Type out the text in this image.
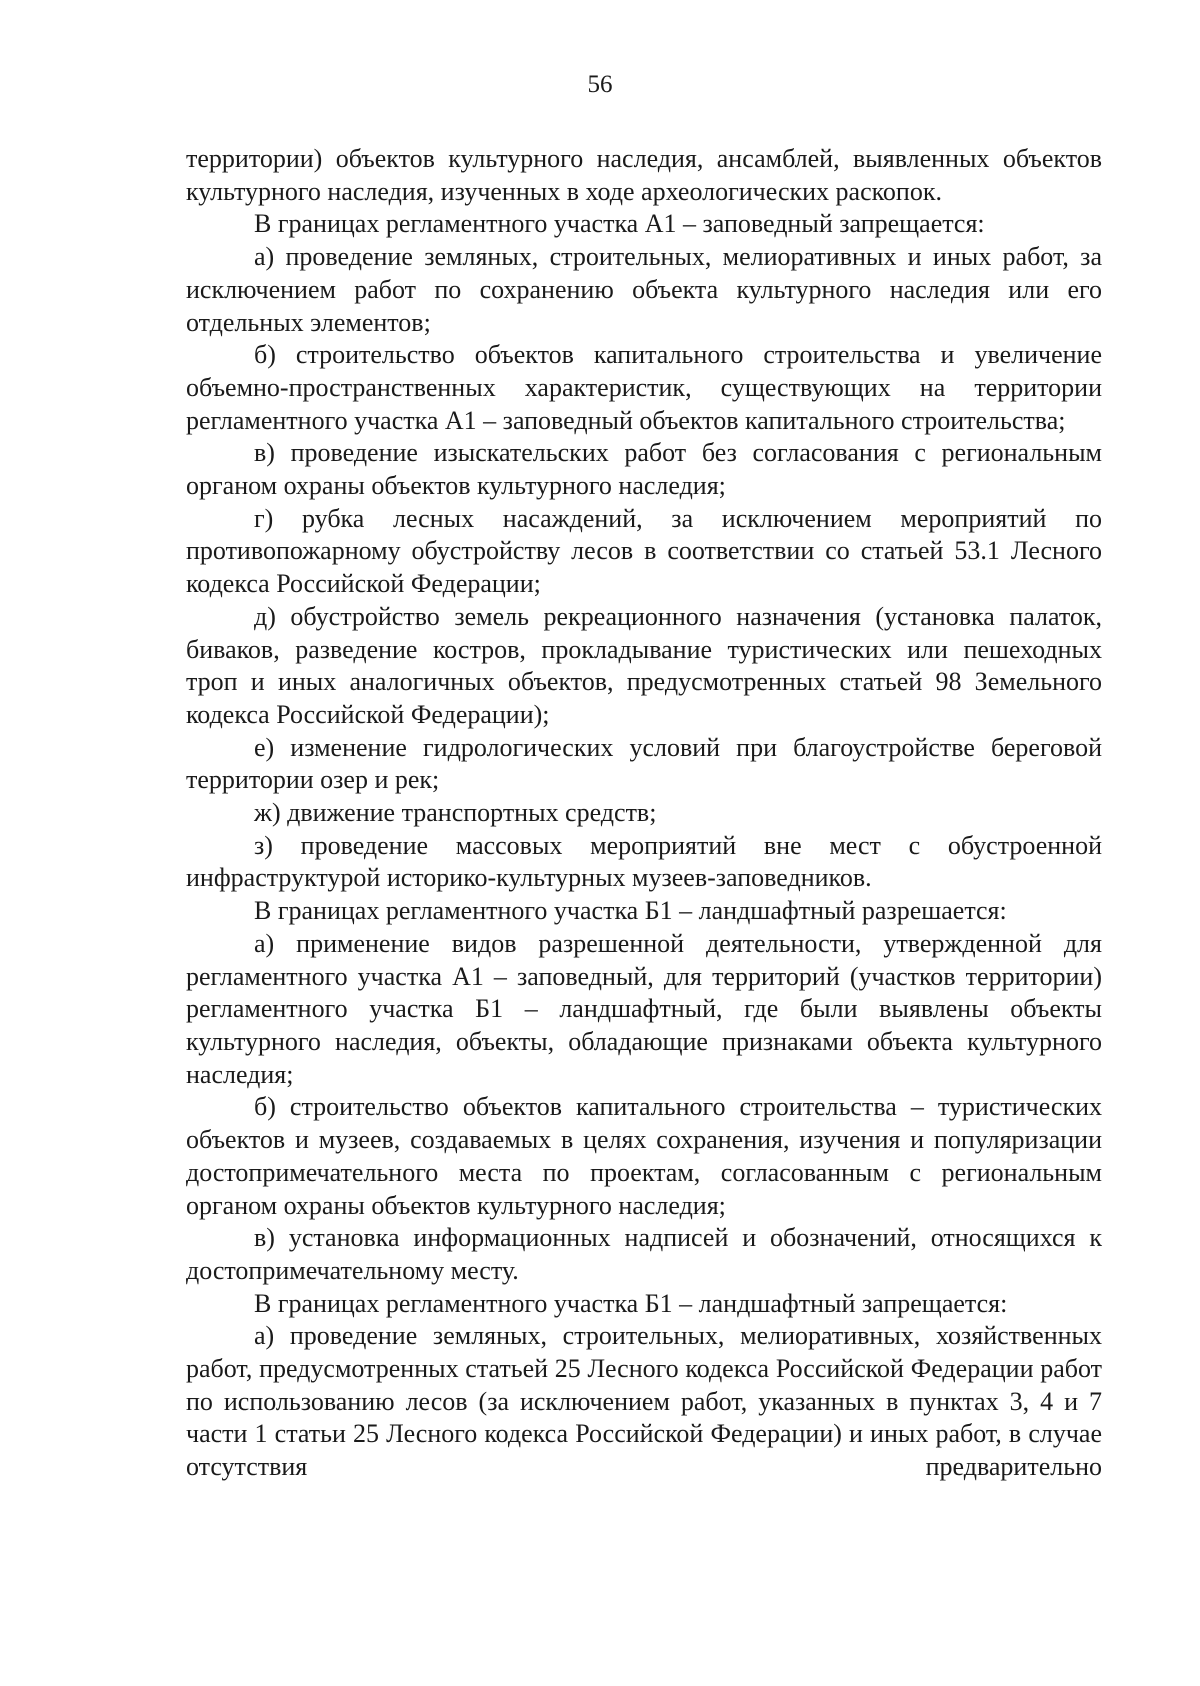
56

территории) объектов культурного наследия, ансамблей, выявленных объектов культурного наследия, изученных в ходе археологических раскопок.

В границах регламентного участка А1 – заповедный запрещается:

а) проведение земляных, строительных, мелиоративных и иных работ, за исключением работ по сохранению объекта культурного наследия или его отдельных элементов;

б) строительство объектов капитального строительства и увеличение объемно-пространственных характеристик, существующих на территории регламентного участка А1 – заповедный объектов капитального строительства;

в) проведение изыскательских работ без согласования с региональным органом охраны объектов культурного наследия;

г) рубка лесных насаждений, за исключением мероприятий по противопожарному обустройству лесов в соответствии со статьей 53.1 Лесного кодекса Российской Федерации;

д) обустройство земель рекреационного назначения (установка палаток, биваков, разведение костров, прокладывание туристических или пешеходных троп и иных аналогичных объектов, предусмотренных статьей 98 Земельного кодекса Российской Федерации);

е) изменение гидрологических условий при благоустройстве береговой территории озер и рек;

ж) движение транспортных средств;

з) проведение массовых мероприятий вне мест с обустроенной инфраструктурой историко-культурных музеев-заповедников.

В границах регламентного участка Б1 – ландшафтный разрешается:

а) применение видов разрешенной деятельности, утвержденной для регламентного участка А1 – заповедный, для территорий (участков территории) регламентного участка Б1 – ландшафтный, где были выявлены объекты культурного наследия, объекты, обладающие признаками объекта культурного наследия;

б) строительство объектов капитального строительства – туристических объектов и музеев, создаваемых в целях сохранения, изучения и популяризации достопримечательного места по проектам, согласованным с региональным органом охраны объектов культурного наследия;

в) установка информационных надписей и обозначений, относящихся к достопримечательному месту.

В границах регламентного участка Б1 – ландшафтный запрещается:

а) проведение земляных, строительных, мелиоративных, хозяйственных работ, предусмотренных статьей 25 Лесного кодекса Российской Федерации работ по использованию лесов (за исключением работ, указанных в пунктах 3, 4 и 7 части 1 статьи 25 Лесного кодекса Российской Федерации) и иных работ, в случае отсутствия предварительно
